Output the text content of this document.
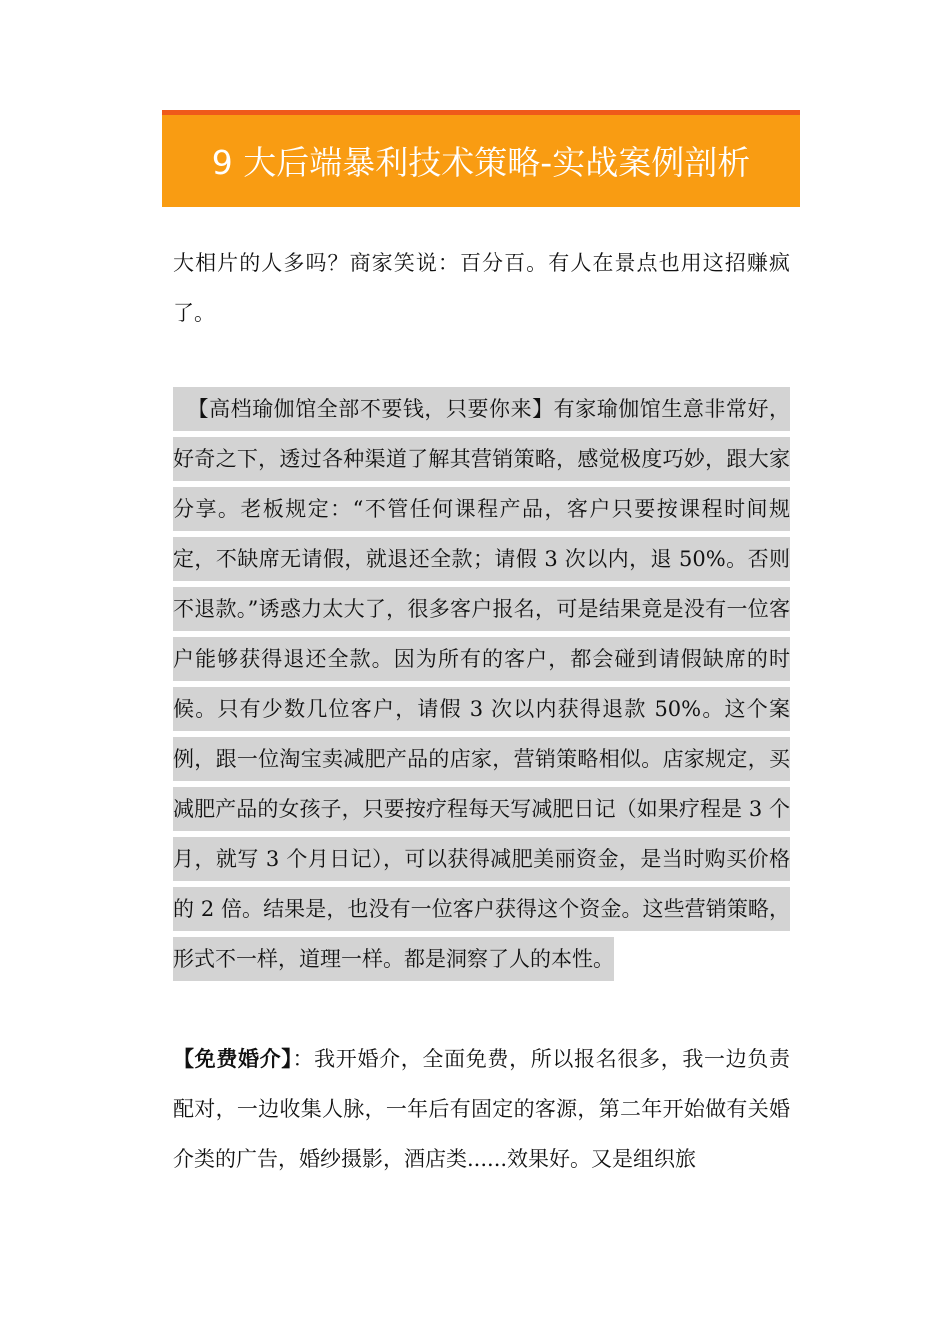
9 大后端暴利技术策略-实战案例剖析

大相片的人多吗？商家笑说：百分百。有人在景点也用这招赚疯了。

【高档瑜伽馆全部不要钱，只要你来】有家瑜伽馆生意非常好，好奇之下，透过各种渠道了解其营销策略，感觉极度巧妙，跟大家分享。老板规定：“不管任何课程产品，客户只要按课程时间规定，不缺席无请假，就退还全款；请假 3 次以内，退 50%。否则不退款。”诱惑力太大了，很多客户报名，可是结果竟是没有一位客户能够获得退还全款。因为所有的客户，都会碰到请假缺席的时候。只有少数几位客户，请假 3 次以内获得退款 50%。这个案例，跟一位淘宝卖减肥产品的店家，营销策略相似。店家规定，买减肥产品的女孩子，只要按疗程每天写减肥日记（如果疗程是 3 个月，就写 3 个月日记），可以获得减肥美丽资金，是当时购买价格的 2 倍。结果是，也没有一位客户获得这个资金。这些营销策略，形式不一样，道理一样。都是洞察了人的本性。

【免费婚介】：我开婚介，全面免费，所以报名很多，我一边负责配对，一边收集人脉，一年后有固定的客源，第二年开始做有关婚介类的广告，婚纱摄影，酒店类......效果好。又是组织旅
